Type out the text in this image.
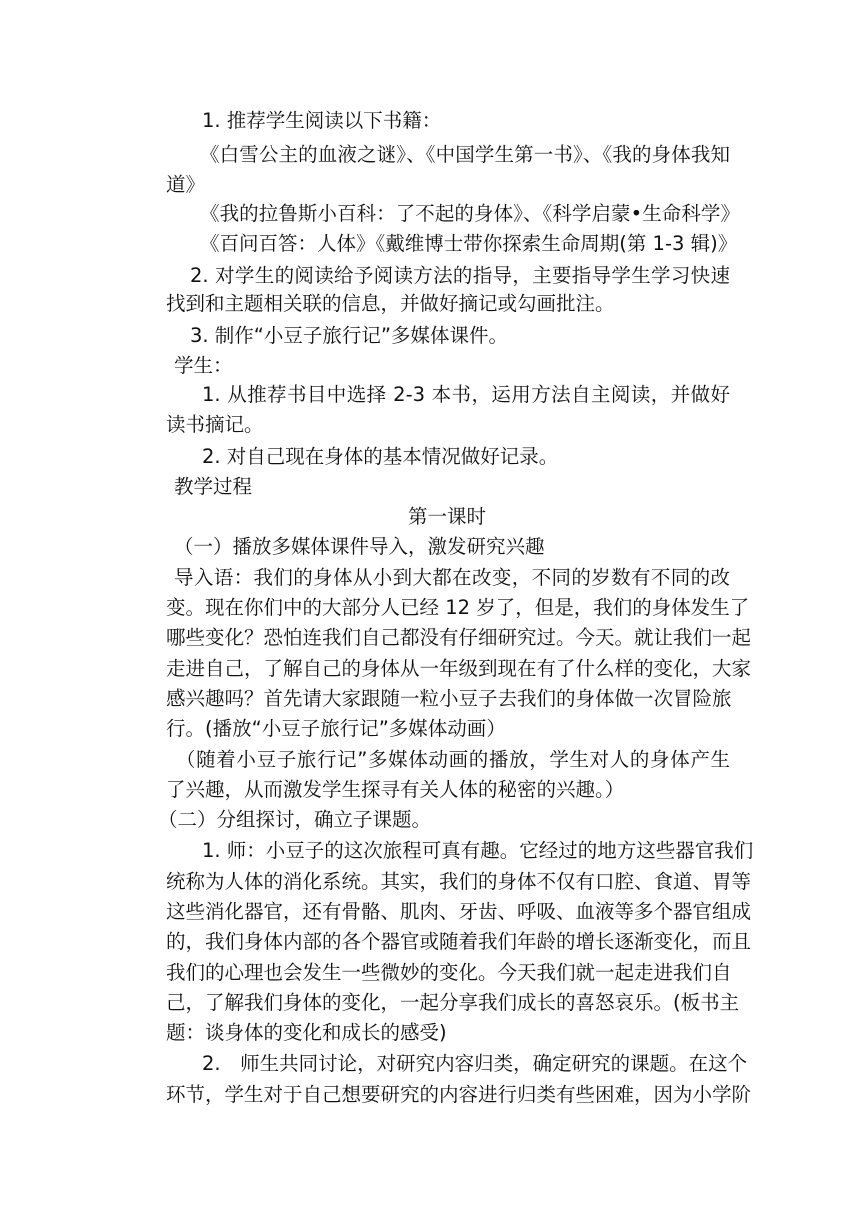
1. 推荐学生阅读以下书籍：
《白雪公主的血液之谜》、《中国学生第一书》、《我的身体我知
道》
《我的拉鲁斯小百科：了不起的身体》、《科学启蒙•生命科学》
《百问百答：人体》《戴维博士带你探索生命周期(第 1-3 辑)》
2. 对学生的阅读给予阅读方法的指导，主要指导学生学习快速
找到和主题相关联的信息，并做好摘记或勾画批注。
3. 制作“小豆子旅行记”多媒体课件。
学生：
1. 从推荐书目中选择 2-3 本书，运用方法自主阅读，并做好
读书摘记。
2. 对自己现在身体的基本情况做好记录。
教学过程
第一课时
（一）播放多媒体课件导入，激发研究兴趣
导入语：我们的身体从小到大都在改变，不同的岁数有不同的改
变。现在你们中的大部分人已经 12 岁了，但是，我们的身体发生了
哪些变化？恐怕连我们自己都没有仔细研究过。今天。就让我们一起
走进自己，了解自己的身体从一年级到现在有了什么样的变化，大家
感兴趣吗？首先请大家跟随一粒小豆子去我们的身体做一次冒险旅
行。(播放“小豆子旅行记”多媒体动画）
（随着小豆子旅行记”多媒体动画的播放，学生对人的身体产生
了兴趣，从而激发学生探寻有关人体的秘密的兴趣。）
（二）分组探讨，确立子课题。
1. 师：小豆子的这次旅程可真有趣。它经过的地方这些器官我们
统称为人体的消化系统。其实，我们的身体不仅有口腔、食道、胃等
这些消化器官，还有骨骼、肌肉、牙齿、呼吸、血液等多个器官组成
的，我们身体内部的各个器官或随着我们年龄的增长逐渐变化，而且
我们的心理也会发生一些微妙的变化。今天我们就一起走进我们自
己，了解我们身体的变化，一起分享我们成长的喜怒哀乐。(板书主
题：谈身体的变化和成长的感受)
2.　师生共同讨论，对研究内容归类，确定研究的课题。在这个
环节，学生对于自己想要研究的内容进行归类有些困难，因为小学阶
